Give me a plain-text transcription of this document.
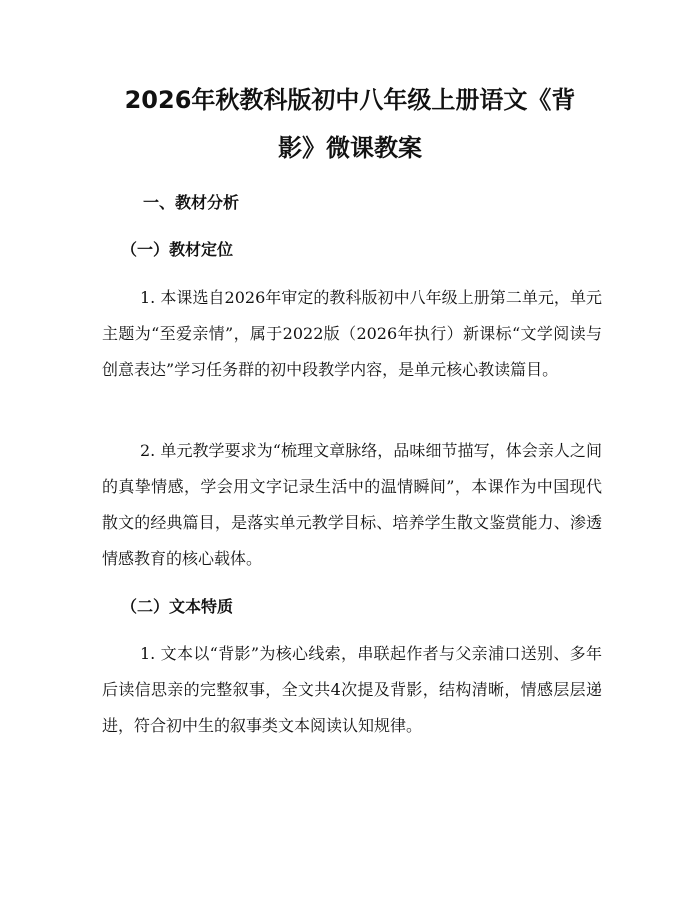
2026年秋教科版初中八年级上册语文《背
影》微课教案
一、教材分析
（一）教材定位

1. 本课选自2026年审定的教科版初中八年级上册第二单元，单元主题为“至爱亲情”，属于2022版（2026年执行）新课标“文学阅读与创意表达”学习任务群的初中段教学内容，是单元核心教读篇目。

2. 单元教学要求为“梳理文章脉络，品味细节描写，体会亲人之间的真挚情感，学会用文字记录生活中的温情瞬间”，本课作为中国现代散文的经典篇目，是落实单元教学目标、培养学生散文鉴赏能力、渗透情感教育的核心载体。

（二）文本特质

1. 文本以“背影”为核心线索，串联起作者与父亲浦口送别、多年后读信思亲的完整叙事，全文共4次提及背影，结构清晰，情感层层递进，符合初中生的叙事类文本阅读认知规律。
